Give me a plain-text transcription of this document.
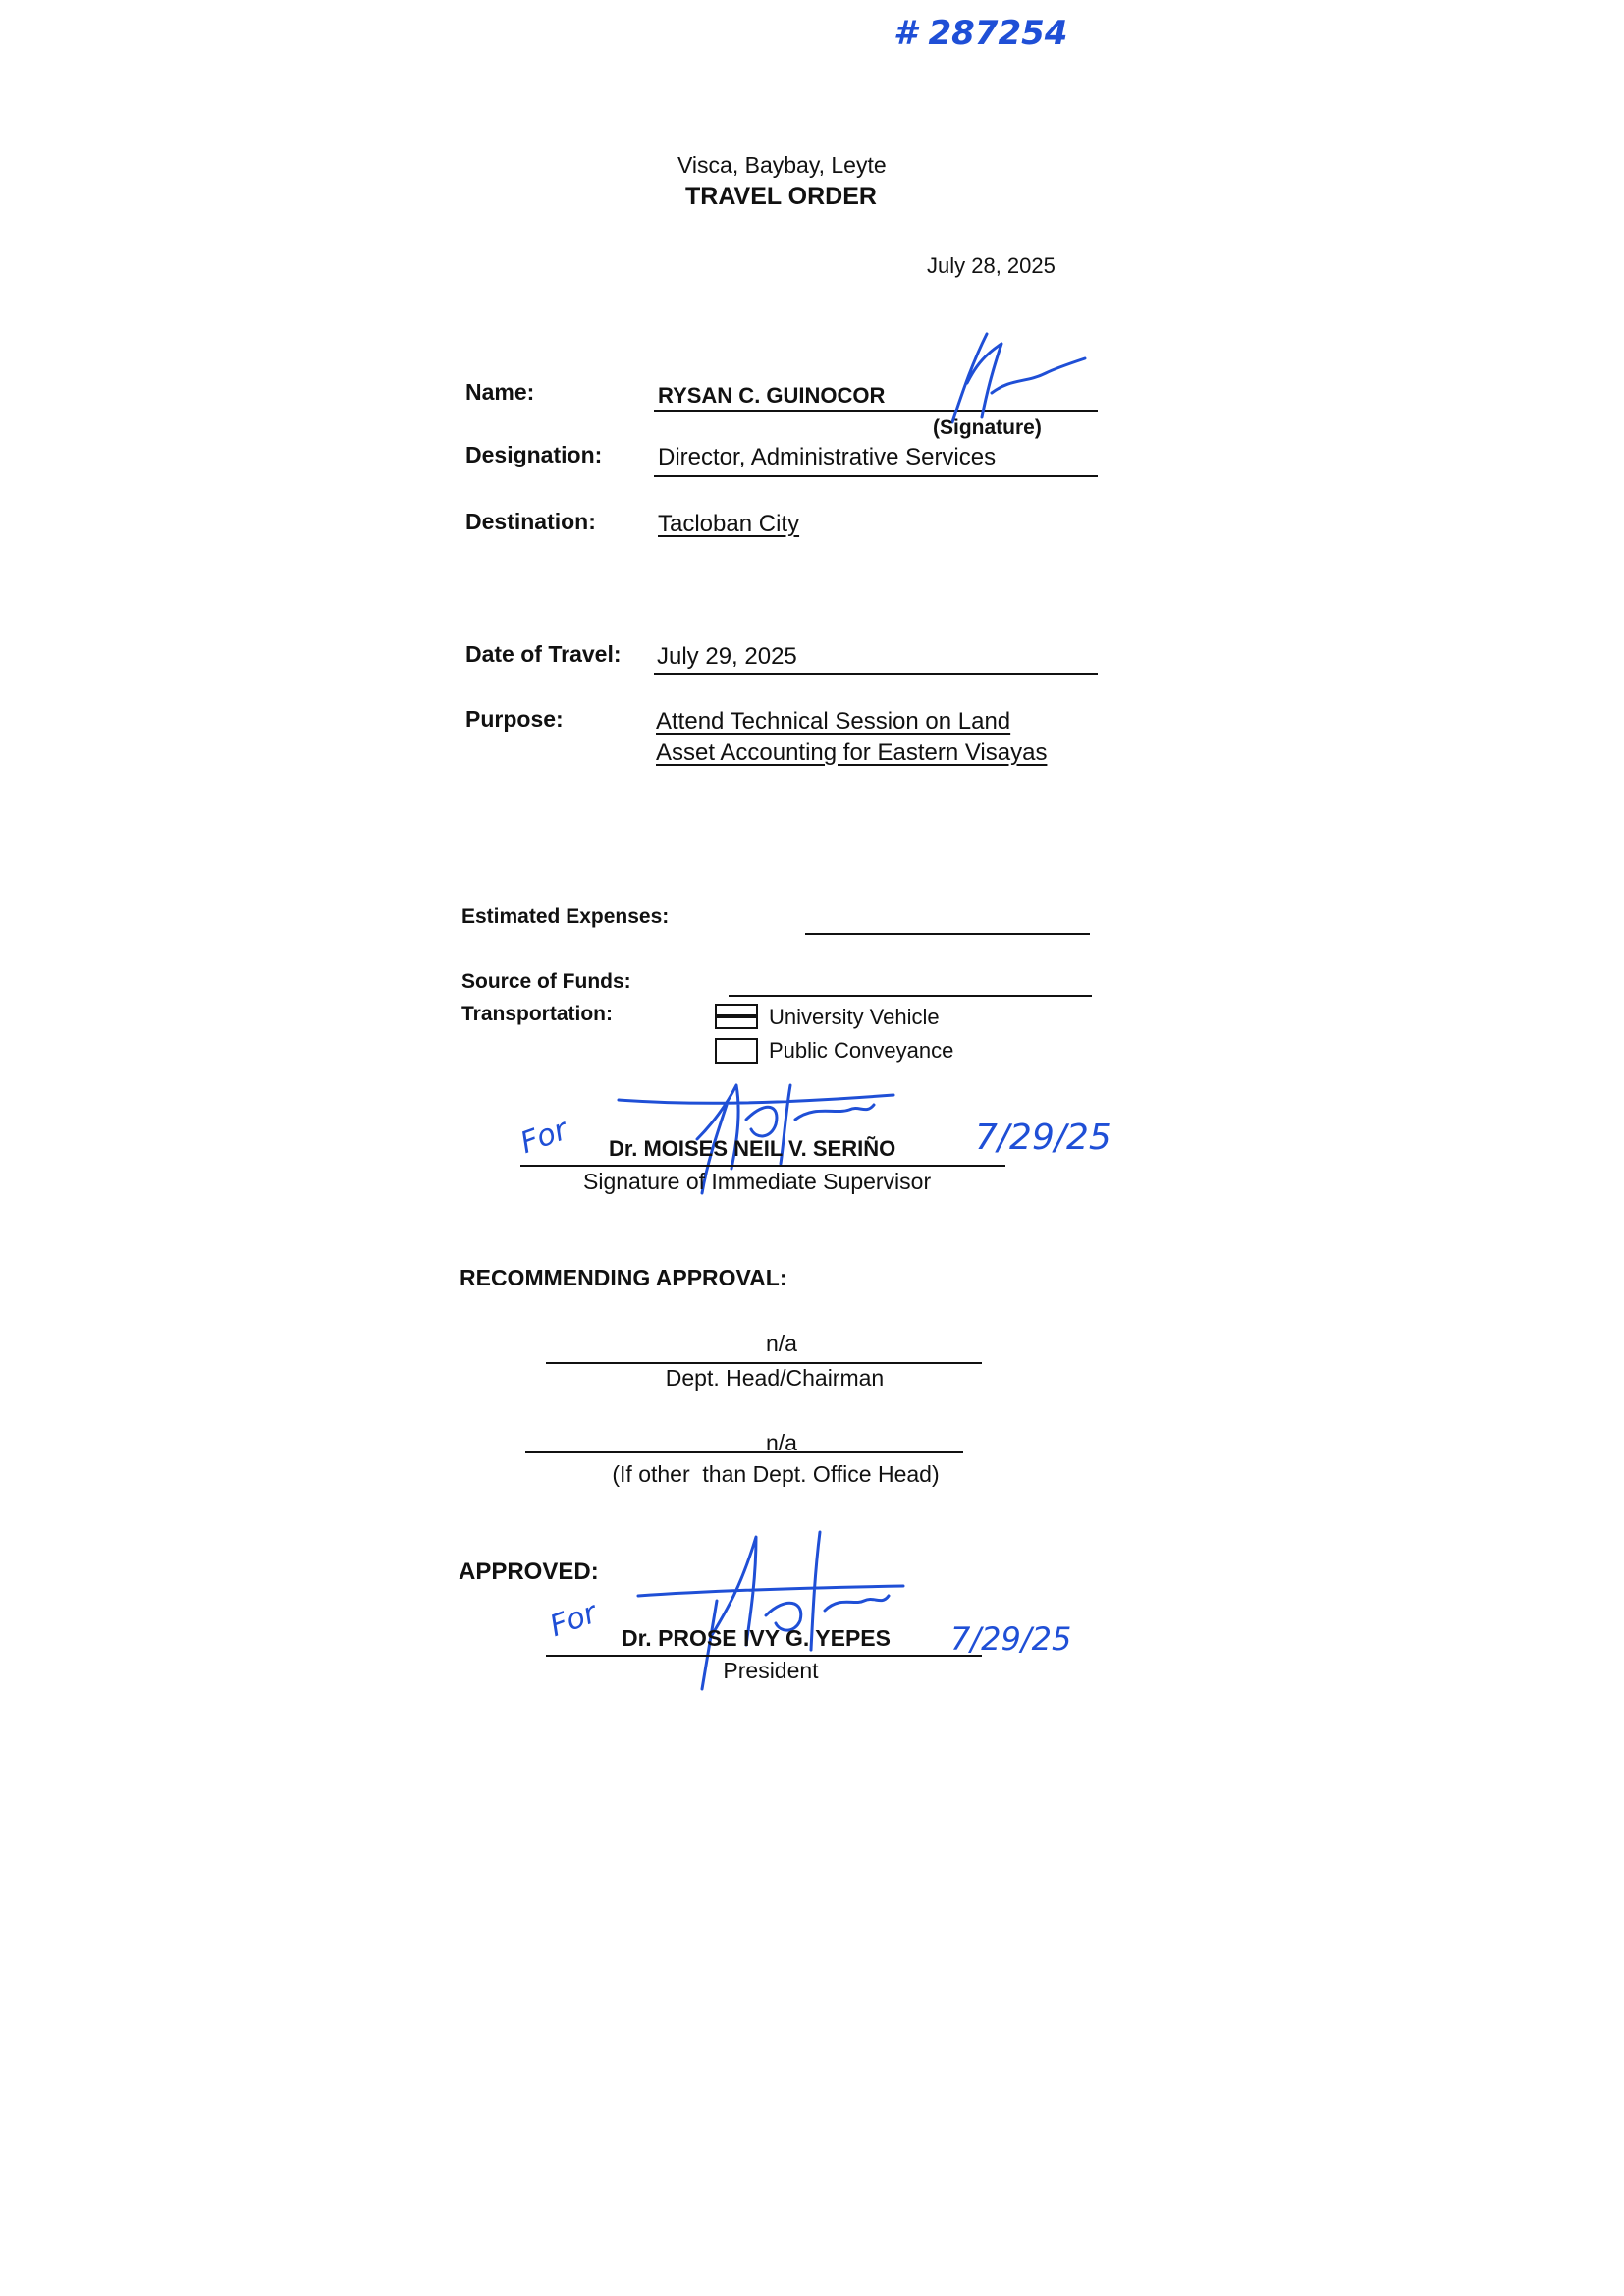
# 287254
Visca, Baybay, Leyte
TRAVEL ORDER
July 28, 2025
Name:	RYSAN C. GUINOCOR
(Signature)
Designation: Director, Administrative Services
Destination:	Tacloban City
Date of Travel: July 29, 2025
Purpose:	Attend Technical Session on Land
Asset Accounting for Eastern Visayas
Estimated Expenses:
Source of Funds:
Transportation:	University Vehicle
Public Conveyance
For Dr. MOISES NEIL V. SERIÑO 7/29/25
Signature of Immediate Supervisor
RECOMMENDING APPROVAL:
n/a
Dept. Head/Chairman
n/a
(If other  than Dept. Office Head)
APPROVED:
For Dr. PROSE IVY G. YEPES 7/29/25
President
